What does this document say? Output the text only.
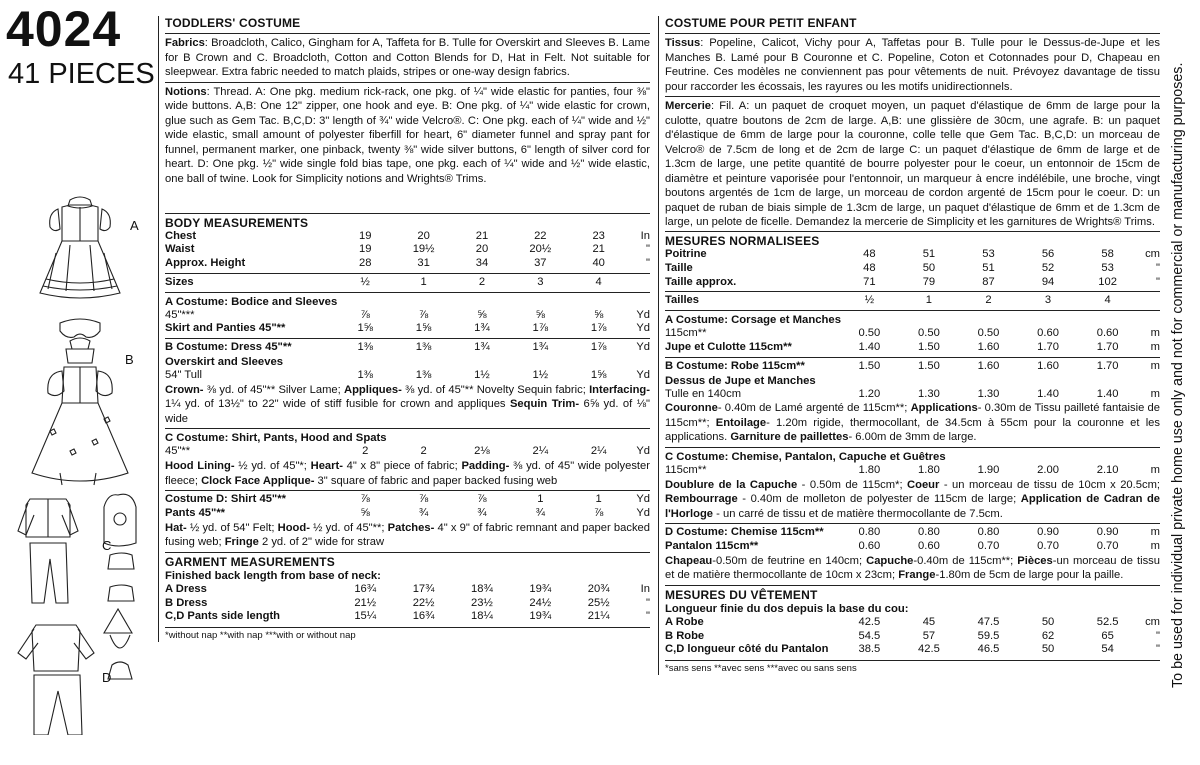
4024
41 PIECES
A
B
C
D
TODDLERS' COSTUME
Fabrics: Broadcloth, Calico, Gingham for A, Taffeta for B. Tulle for Overskirt and Sleeves B. Lame for B Crown and C. Broadcloth, Cotton and Cotton Blends for D, Hat in Felt. Not suitable for sleepwear. Extra fabric needed to match plaids, stripes or one-way design fabrics.
Notions: Thread. A: One pkg. medium rick-rack, one pkg. of ¼" wide elastic for panties, four ⅜" wide buttons. A,B: One 12" zipper, one hook and eye. B: One pkg. of ¼" wide elastic for crown, glue such as Gem Tac. B,C,D: 3" length of ¾" wide Velcro®. C: One pkg. each of ¼" wide and ½" wide elastic, small amount of polyester fiberfill for heart, 6" diameter funnel and spray pant for funnel, permanent marker, one pinback, twenty ⅜" wide silver buttons, 6" length of silver cord for heart. D: One pkg. ½" wide single fold bias tape, one pkg. each of ¼" wide and ½" wide elastic, one ball of twine. Look for Simplicity notions and Wrights® Trims.
BODY MEASUREMENTS
Chest	19	20	21	22	23	In
Waist	19	19½	20	20½	21	"
Approx. Height	28	31	34	37	40	"
Sizes	½	1	2	3	4	
A Costume: Bodice and Sleeves
45"***	⅞	⅞	⅝	⅝	⅝	Yd
Skirt and Panties 45"**	1⅝	1⅝	1¾	1⅞	1⅞	Yd
B Costume: Dress 45"**	1⅜	1⅜	1¾	1¾	1⅞	Yd
Overskirt and Sleeves
54" Tull	1⅜	1⅜	1½	1½	1⅝	Yd
Crown- ⅜ yd. of 45"** Silver Lame; Appliques- ⅜ yd. of 45"** Novelty Sequin fabric; Interfacing- 1¼ yd. of 13½" to 22" wide of stiff fusible for crown and appliques Sequin Trim- 6⅝ yd. of ⅛" wide
C Costume: Shirt, Pants, Hood and Spats
45"**	2	2	2⅛	2¼	2¼	Yd
Hood Lining- ½ yd. of 45"*; Heart- 4" x 8" piece of fabric; Padding- ⅜ yd. of 45" wide polyester fleece; Clock Face Applique- 3" square of fabric and paper backed fusing web
Costume D: Shirt 45"**	⅞	⅞	⅞	1	1	Yd
Pants 45"**	⅝	¾	¾	¾	⅞	Yd
Hat- ½ yd. of 54" Felt; Hood- ½ yd. of 45"**; Patches- 4" x 9" of fabric remnant and paper backed fusing web; Fringe 2 yd. of 2" wide for straw
GARMENT MEASUREMENTS
Finished back length from base of neck:
A Dress	16¾	17¾	18¾	19¾	20¾	In
B Dress	21½	22½	23½	24½	25½	"
C,D Pants side length	15¼	16¾	18¼	19¾	21¼	"
*without nap **with nap ***with or without nap
COSTUME POUR PETIT ENFANT
Tissus: Popeline, Calicot, Vichy pour A, Taffetas pour B. Tulle pour le Dessus-de-Jupe et les Manches B. Lamé pour B Couronne et C. Popeline, Coton et Cotonnades pour D, Chapeau en Feutrine. Ces modèles ne conviennent pas pour vêtements de nuit. Prévoyez davantage de tissu pour raccorder les écossais, les rayures ou les motifs unidirectionnels.
Mercerie: Fil. A: un paquet de croquet moyen, un paquet d'élastique de 6mm de large pour la culotte, quatre boutons de 2cm de large. A,B: une glissière de 30cm, une agrafe. B: un paquet d'élastique de 6mm de large pour la couronne, colle telle que Gem Tac. B,C,D: un morceau de Velcro® de 7.5cm de long et de 2cm de large C: un paquet d'élastique de 6mm de large et de 1.3cm de large, une petite quantité de bourre polyester pour le coeur, un entonnoir de 15cm de diamètre et peinture vaporisée pour l'entonnoir, un marqueur à encre indélébile, une broche, vingt boutons argentés de 1cm de large, un morceau de cordon argenté de 15cm pour le coeur. D: un paquet de ruban de biais simple de 1.3cm de large, un paquet d'élastique de 6mm et de 1.3cm de large, un pelote de ficelle. Demandez la mercerie de Simplicity et les garnitures de Wrights® Trims.
MESURES NORMALISEES
Poitrine	48	51	53	56	58	cm
Taille	48	50	51	52	53	"
Taille approx.	71	79	87	94	102	"
Tailles	½	1	2	3	4	
A Costume: Corsage et Manches
115cm**	0.50	0.50	0.50	0.60	0.60	m
Jupe et Culotte 115cm**	1.40	1.50	1.60	1.70	1.70	m
B Costume: Robe 115cm**	1.50	1.50	1.60	1.60	1.70	m
Dessus de Jupe et Manches
Tulle en 140cm	1.20	1.30	1.30	1.40	1.40	m
Couronne- 0.40m de Lamé argenté de 115cm**; Applications- 0.30m de Tissu pailleté fantaisie de 115cm**; Entoilage- 1.20m rigide, thermocollant, de 34.5cm à 55cm pour la couronne et les applications. Garniture de paillettes- 6.00m de 3mm de large.
C Costume: Chemise, Pantalon, Capuche et Guêtres
115cm**	1.80	1.80	1.90	2.00	2.10	m
Doublure de la Capuche - 0.50m de 115cm*; Coeur - un morceau de tissu de 10cm x 20.5cm; Rembourrage - 0.40m de molleton de polyester de 115cm de large; Application de Cadran de l'Horloge - un carré de tissu et de matière thermocollante de 7.5cm.
D Costume: Chemise 115cm**	0.80	0.80	0.80	0.90	0.90	m
Pantalon 115cm**	0.60	0.60	0.70	0.70	0.70	m
Chapeau-0.50m de feutrine en 140cm; Capuche-0.40m de 115cm**; Pièces-un morceau de tissu et de matière thermocollante de 10cm x 23cm; Frange-1.80m de 5cm de large pour la paille.
MESURES DU VÊTEMENT
Longueur finie du dos depuis la base du cou:
A Robe	42.5	45	47.5	50	52.5	cm
B Robe	54.5	57	59.5	62	65	"
C,D longueur côté du Pantalon	38.5	42.5	46.5	50	54	"
*sans sens **avec sens ***avec ou sans sens	To be used for individual private home use only and not for commercial or manufacturing purposes.
